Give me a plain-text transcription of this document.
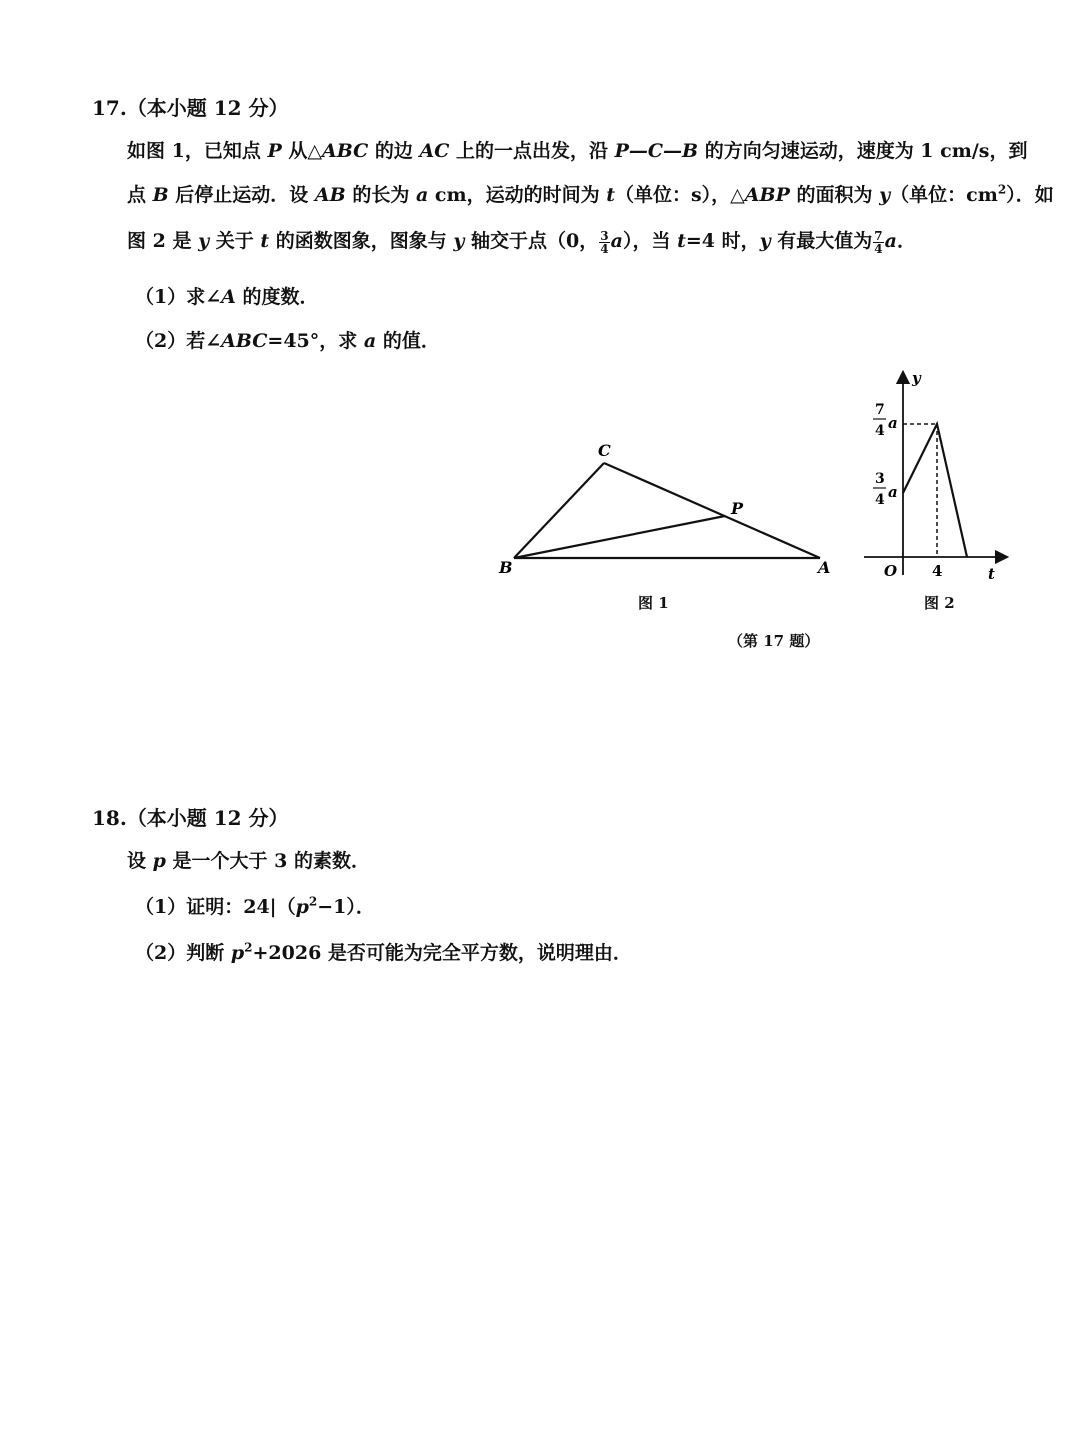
17.（本小题 12 分）
如图 1，已知点 P 从△ABC 的边 AC 上的一点出发，沿 P—C—B 的方向匀速运动，速度为 1 cm/s，到
点 B 后停止运动．设 AB 的长为 a cm，运动的时间为 t（单位：s），△ABP 的面积为 y（单位：$cm^2$）．如
图 2 是 y 关于 t 的函数图象，图象与 y 轴交于点（0， $\frac{3}{4} a$），当 t=4 时，y 有最大值为 $\frac{7}{4}$ a．
（1）求∠A 的度数．
（2）若∠ABC=45°，求 a 的值．
C
P
B	A
图 1
y
t
O 4
7
4 a
3
4 a
图 2
（第 17 题）
18.（本小题 12 分）
设 p 是一个大于 3 的素数．
（1）证明：$24|(p^2-1)$．
（2）判断 $p^2+2026$ 是否可能为完全平方数，说明理由．
